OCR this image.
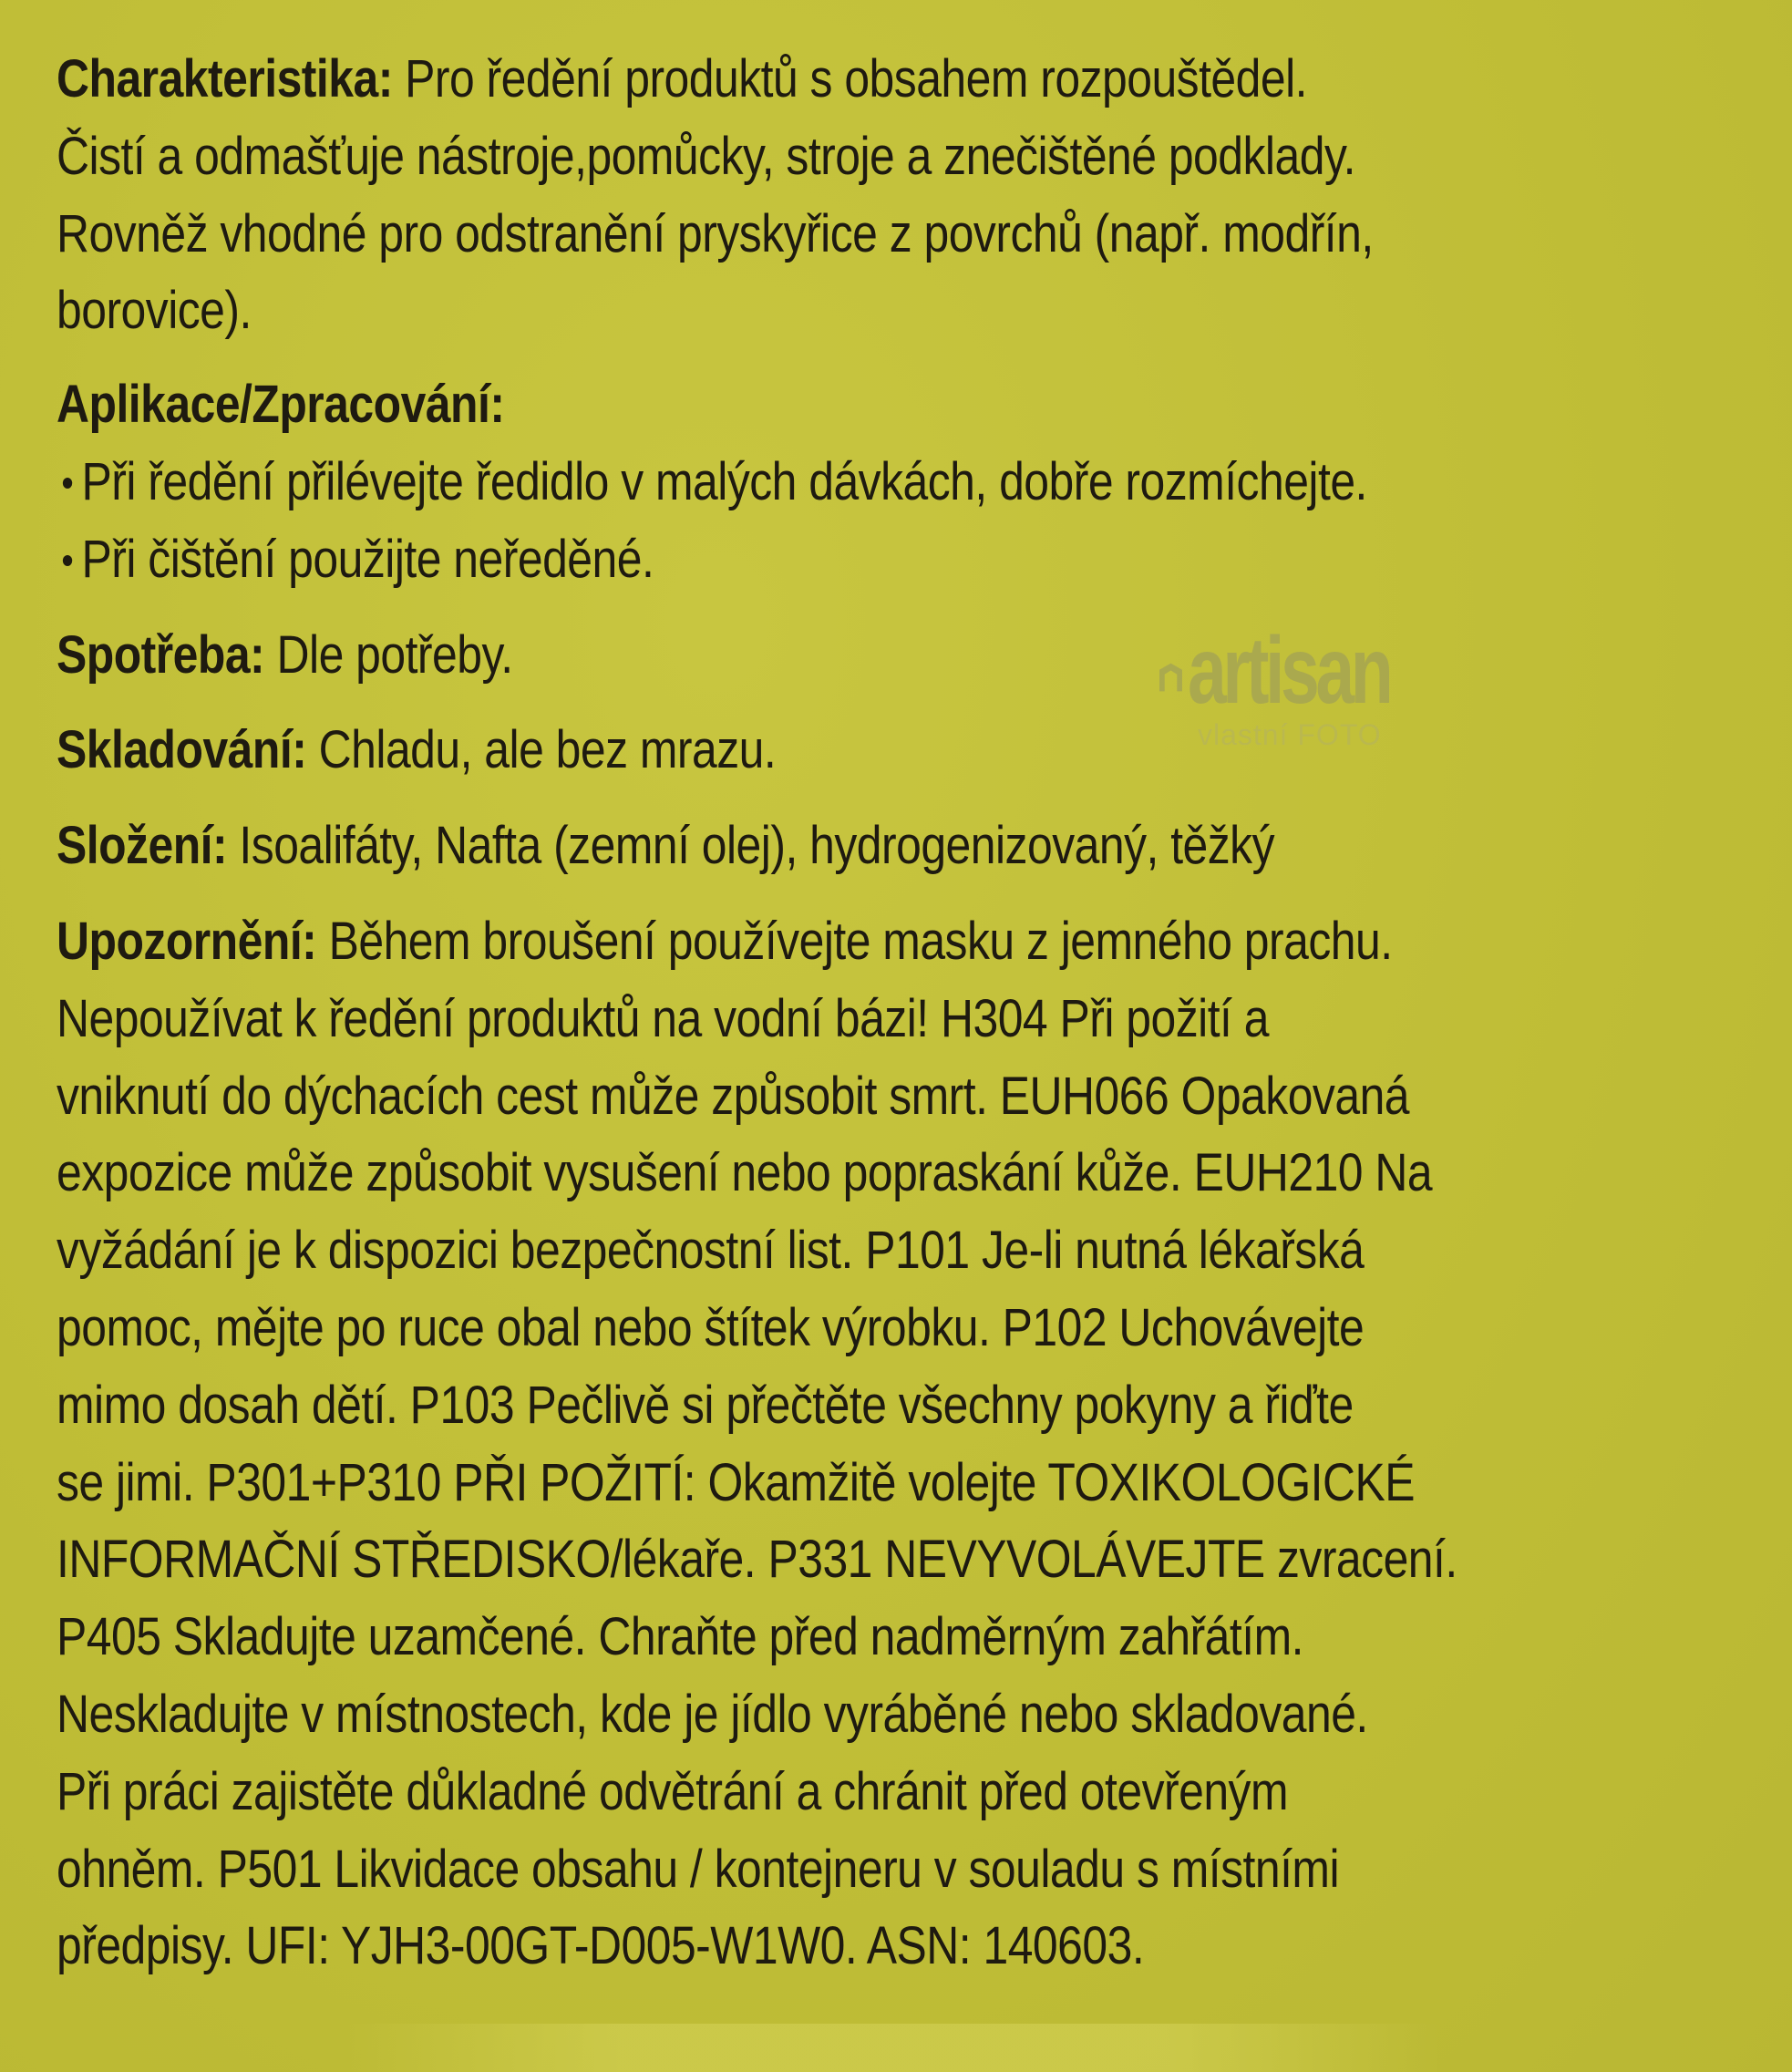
Charakteristika: Pro ředění produktů s obsahem rozpouštědel.
Čistí a odmašťuje nástroje,pomůcky, stroje a znečištěné podklady.
Rovněž vhodné pro odstranění pryskyřice z povrchů (např. modřín,
borovice).
Aplikace/Zpracování:
Při ředění přilévejte ředidlo v malých dávkách, dobře rozmíchejte.
Při čištění použijte neředěné.
Spotřeba: Dle potřeby.
Skladování: Chladu, ale bez mrazu.
Složení: Isoalifáty, Nafta (zemní olej), hydrogenizovaný, těžký
Upozornění: Během broušení používejte masku z jemného prachu.
Nepoužívat k ředění produktů na vodní bázi! H304 Při požití a
vniknutí do dýchacích cest může způsobit smrt. EUH066 Opakovaná
expozice může způsobit vysušení nebo popraskání kůže. EUH210 Na
vyžádání je k dispozici bezpečnostní list. P101 Je-li nutná lékařská
pomoc, mějte po ruce obal nebo štítek výrobku. P102 Uchovávejte
mimo dosah dětí. P103 Pečlivě si přečtěte všechny pokyny a řiďte
se jimi. P301+P310 PŘI POŽITÍ: Okamžitě volejte TOXIKOLOGICKÉ
INFORMAČNÍ STŘEDISKO/lékaře. P331 NEVYVOLÁVEJTE zvracení.
P405 Skladujte uzamčené. Chraňte před nadměrným zahřátím.
Neskladujte v místnostech, kde je jídlo vyráběné nebo skladované.
Při práci zajistěte důkladné odvětrání a chránit před otevřeným
ohněm. P501 Likvidace obsahu / kontejneru v souladu s místními
předpisy. UFI: YJH3-00GT-D005-W1W0. ASN: 140603.
artisan
vlastní FOTO
